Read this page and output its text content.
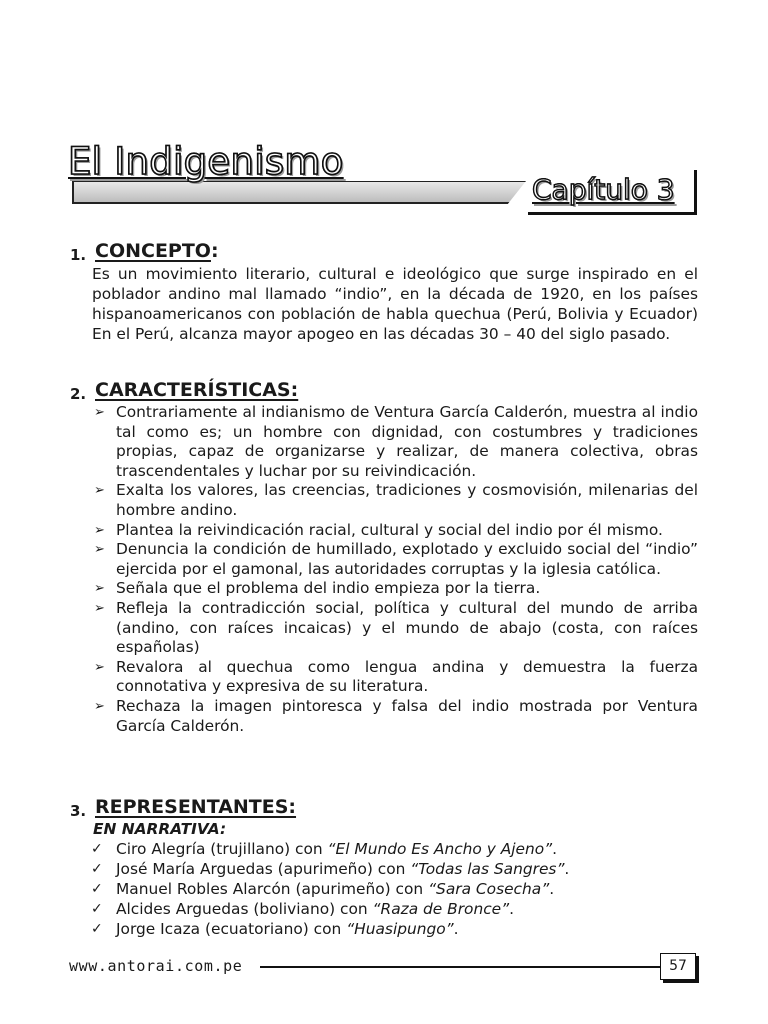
El Indigenismo
Capítulo 3
1. CONCEPTO:

Es un movimiento literario, cultural e ideológico que surge inspirado en el poblador andino mal llamado “indio”, en la década de 1920, en los países hispanoamericanos con población de habla quechua (Perú, Bolivia y Ecuador) En el Perú, alcanza mayor apogeo en las décadas 30 – 40 del siglo pasado.

2. CARACTERÍSTICAS:
➢ Contrariamente al indianismo de Ventura García Calderón, muestra al indio tal como es; un hombre con dignidad, con costumbres y tradiciones propias, capaz de organizarse y realizar, de manera colectiva, obras trascendentales y luchar por su reivindicación.
➢ Exalta los valores, las creencias, tradiciones y cosmovisión, milenarias del hombre andino.
➢ Plantea la reivindicación racial, cultural y social del indio por él mismo.
➢ Denuncia la condición de humillado, explotado y excluido social del “indio” ejercida por el gamonal, las autoridades corruptas y la iglesia católica.
➢ Señala que el problema del indio empieza por la tierra.
➢ Refleja la contradicción social, política y cultural del mundo de arriba (andino, con raíces incaicas) y el mundo de abajo (costa, con raíces españolas)
➢ Revalora al quechua como lengua andina y demuestra la fuerza connotativa y expresiva de su literatura.
➢ Rechaza la imagen pintoresca y falsa del indio mostrada por Ventura García Calderón.
3. REPRESENTANTES:
EN NARRATIVA:
✓ Ciro Alegría (trujillano) con “El Mundo Es Ancho y Ajeno”.
✓ José María Arguedas (apurimeño) con “Todas las Sangres”.
✓ Manuel Robles Alarcón (apurimeño) con “Sara Cosecha”.
✓ Alcides Arguedas (boliviano) con “Raza de Bronce”.
✓ Jorge Icaza (ecuatoriano) con “Huasipungo”.
www.antorai.com.pe	57
